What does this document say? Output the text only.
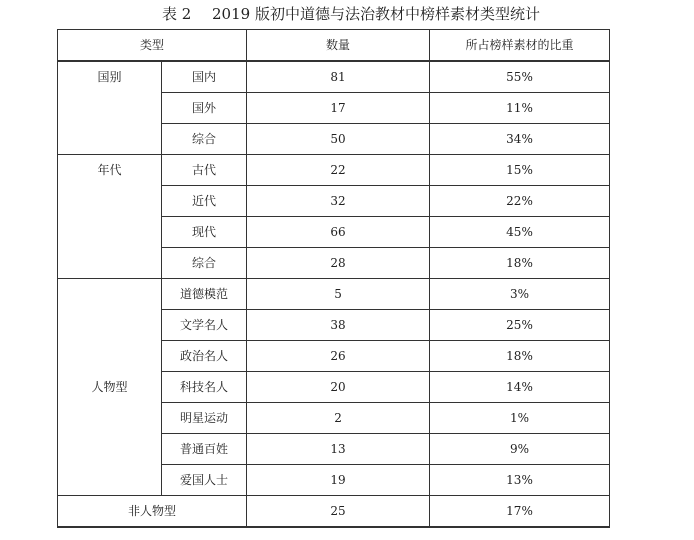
表 2 2019 版初中道德与法治教材中榜样素材类型统计
类型		数量	所占榜样素材的比重
国别	国内	81	55%
	国外	17	11%
	综合	50	34%
年代	古代	22	15%
	近代	32	22%
	现代	66	45%
	综合	28	18%
人物型	道德模范	5	3%
	文学名人	38	25%
	政治名人	26	18%
	科技名人	20	14%
	明星运动	2	1%
	普通百姓	13	9%
	爱国人士	19	13%
非人物型		25	17%
